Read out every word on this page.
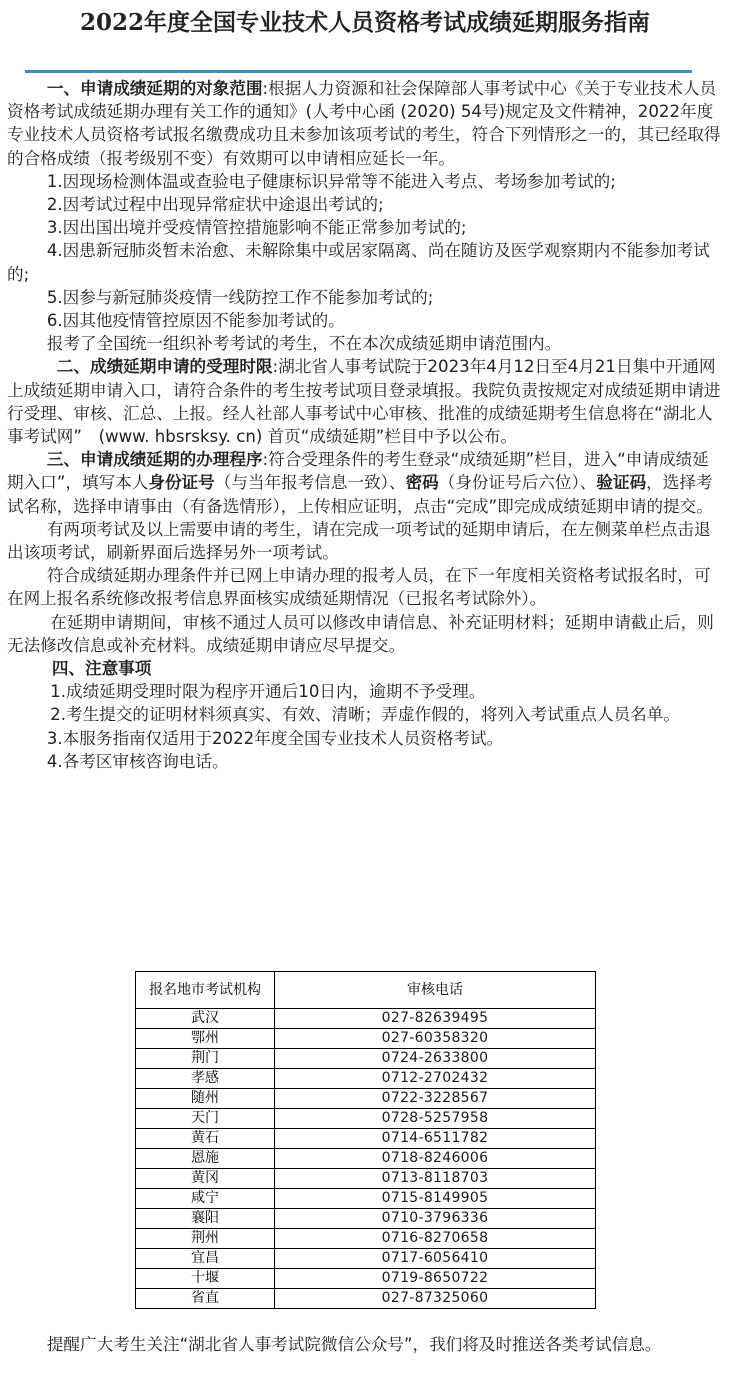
2022年度全国专业技术人员资格考试成绩延期服务指南

一、申请成绩延期的对象范围:根据人力资源和社会保障部人事考试中心《关于专业技术人员资格考试成绩延期办理有关工作的通知》(人考中心函 (2020) 54号)规定及文件精神，2022年度专业技术人员资格考试报名缴费成功且未参加该项考试的考生，符合下列情形之一的，其已经取得的合格成绩（报考级别不变）有效期可以申请相应延长一年。

1.因现场检测体温或查验电子健康标识异常等不能进入考点、考场参加考试的;

2.因考试过程中出现异常症状中途退出考试的;

3.因出国出境并受疫情管控措施影响不能正常参加考试的;

4.因患新冠肺炎暂未治愈、未解除集中或居家隔离、尚在随访及医学观察期内不能参加考试的;

5.因参与新冠肺炎疫情一线防控工作不能参加考试的;

6.因其他疫情管控原因不能参加考试的。

报考了全国统一组织补考考试的考生，不在本次成绩延期申请范围内。

二、成绩延期申请的受理时限:湖北省人事考试院于2023年4月12日至4月21日集中开通网上成绩延期申请入口，请符合条件的考生按考试项目登录填报。我院负责按规定对成绩延期申请进行受理、审核、汇总、上报。经人社部人事考试中心审核、批准的成绩延期考生信息将在“湖北人事考试网”　(www. hbsrsksy. cn) 首页“成绩延期”栏目中予以公布。

三、申请成绩延期的办理程序:符合受理条件的考生登录“成绩延期”栏目，进入“申请成绩延期入口”，填写本人身份证号（与当年报考信息一致）、密码（身份证号后六位）、验证码，选择考试名称，选择申请事由（有备选情形），上传相应证明，点击“完成”即完成成绩延期申请的提交。

有两项考试及以上需要申请的考生，请在完成一项考试的延期申请后，在左侧菜单栏点击退出该项考试，刷新界面后选择另外一项考试。

符合成绩延期办理条件并已网上申请办理的报考人员，在下一年度相关资格考试报名时，可在网上报名系统修改报考信息界面核实成绩延期情况（已报名考试除外）。

在延期申请期间，审核不通过人员可以修改申请信息、补充证明材料；延期申请截止后，则无法修改信息或补充材料。成绩延期申请应尽早提交。

四、注意事项

1.成绩延期受理时限为程序开通后10日内，逾期不予受理。

2.考生提交的证明材料须真实、有效、清晰；弄虚作假的，将列入考试重点人员名单。

3.本服务指南仅适用于2022年度全国专业技术人员资格考试。

4.各考区审核咨询电话。

报名地市考试机构	审核电话
武汉	027-82639495
鄂州	027-60358320
荆门	0724-2633800
孝感	0712-2702432
随州	0722-3228567
天门	0728-5257958
黄石	0714-6511782
恩施	0718-8246006
黄冈	0713-8118703
咸宁	0715-8149905
襄阳	0710-3796336
荆州	0716-8270658
宜昌	0717-6056410
十堰	0719-8650722
省直	027-87325060

提醒广大考生关注“湖北省人事考试院微信公众号”，我们将及时推送各类考试信息。
